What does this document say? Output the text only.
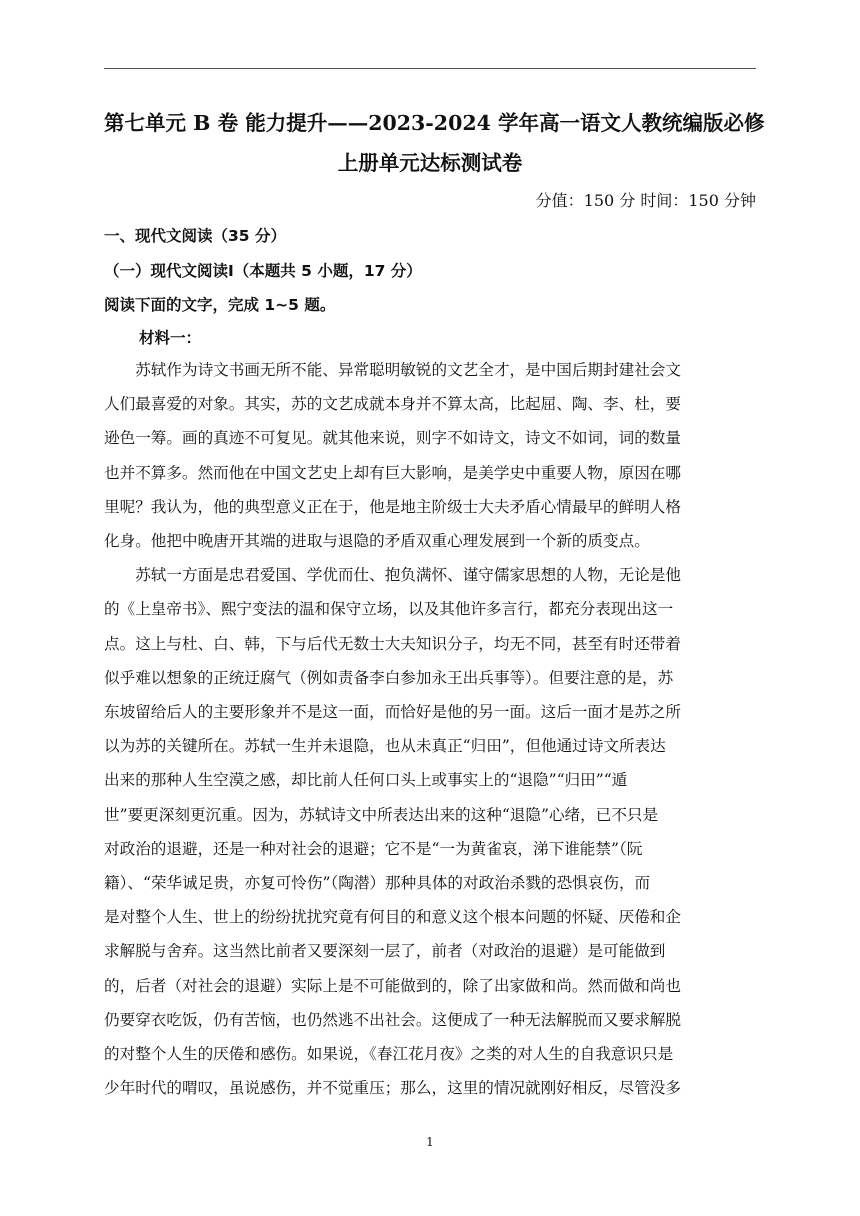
第七单元 B 卷 能力提升——2023-2024 学年高一语文人教统编版必修
上册单元达标测试卷
分值：150 分 时间：150 分钟
一、现代文阅读（35 分）
（一）现代文阅读Ⅰ（本题共 5 小题，17 分）
阅读下面的文字，完成 1~5 题。
材料一：
　　苏轼作为诗文书画无所不能、异常聪明敏锐的文艺全才，是中国后期封建社会文
人们最喜爱的对象。其实，苏的文艺成就本身并不算太高，比起屈、陶、李、杜，要
逊色一筹。画的真迹不可复见。就其他来说，则字不如诗文，诗文不如词，词的数量
也并不算多。然而他在中国文艺史上却有巨大影响，是美学史中重要人物，原因在哪
里呢？我认为，他的典型意义正在于，他是地主阶级士大夫矛盾心情最早的鲜明人格
化身。他把中晚唐开其端的进取与退隐的矛盾双重心理发展到一个新的质变点。
　　苏轼一方面是忠君爱国、学优而仕、抱负满怀、谨守儒家思想的人物，无论是他
的《上皇帝书》、熙宁变法的温和保守立场，以及其他许多言行，都充分表现出这一
点。这上与杜、白、韩，下与后代无数士大夫知识分子，均无不同，甚至有时还带着
似乎难以想象的正统迂腐气（例如责备李白参加永王出兵事等）。但要注意的是，苏
东坡留给后人的主要形象并不是这一面，而恰好是他的另一面。这后一面才是苏之所
以为苏的关键所在。苏轼一生并未退隐，也从未真正“归田”，但他通过诗文所表达
出来的那种人生空漠之感，却比前人任何口头上或事实上的“退隐”“归田”“遁
世”要更深刻更沉重。因为，苏轼诗文中所表达出来的这种“退隐”心绪，已不只是
对政治的退避，还是一种对社会的退避；它不是“一为黄雀哀，涕下谁能禁”（阮
籍）、“荣华诚足贵，亦复可怜伤”（陶潜）那种具体的对政治杀戮的恐惧哀伤，而
是对整个人生、世上的纷纷扰扰究竟有何目的和意义这个根本问题的怀疑、厌倦和企
求解脱与舍弃。这当然比前者又要深刻一层了，前者（对政治的退避）是可能做到
的，后者（对社会的退避）实际上是不可能做到的，除了出家做和尚。然而做和尚也
仍要穿衣吃饭，仍有苦恼，也仍然逃不出社会。这便成了一种无法解脱而又要求解脱
的对整个人生的厌倦和感伤。如果说，《春江花月夜》之类的对人生的自我意识只是
少年时代的喟叹，虽说感伤，并不觉重压；那么，这里的情况就刚好相反，尽管没多
1
